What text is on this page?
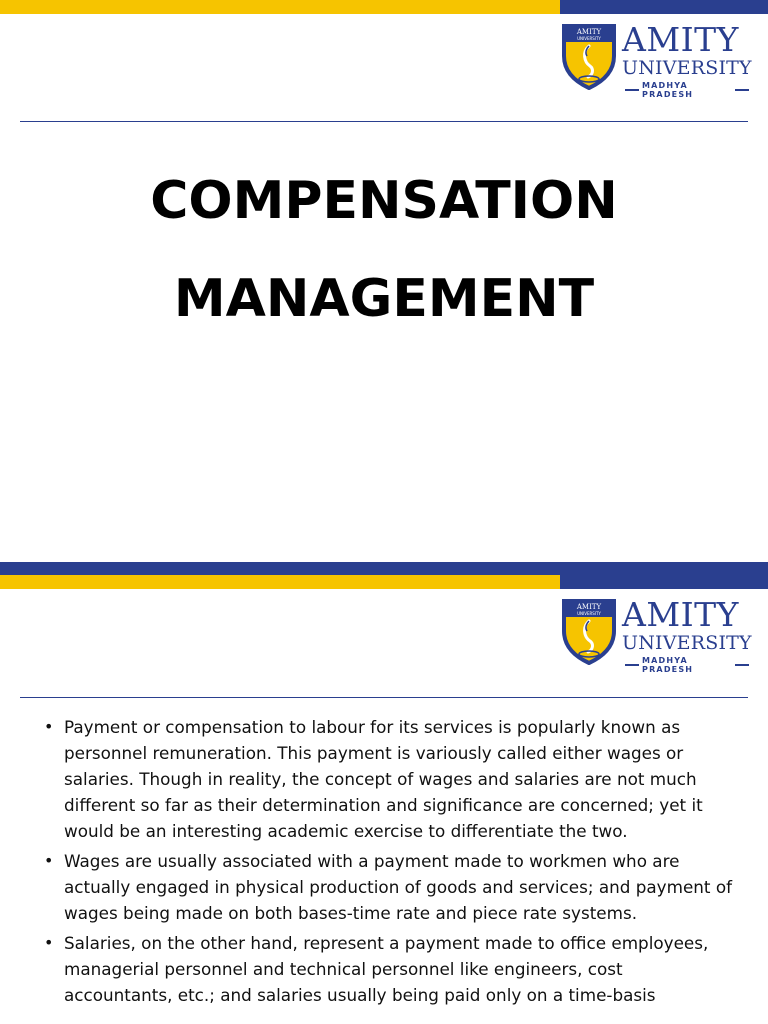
AMITY
UNIVERSITY AMITY
UNIVERSITY
MADHYA PRADESH
COMPENSATION
MANAGEMENT
AMITY
UNIVERSITY AMITY
UNIVERSITY
MADHYA PRADESH
• Payment or compensation to labour for its services is popularly known as personnel remuneration. This payment is variously called either wages or salaries. Though in reality, the concept of wages and salaries are not much different so far as their determination and significance are concerned; yet it would be an interesting academic exercise to differentiate the two.
• Wages are usually associated with a payment made to workmen who are actually engaged in physical production of goods and services; and payment of wages being made on both bases-time rate and piece rate systems.
• Salaries, on the other hand, represent a payment made to office employees, managerial personnel and technical personnel like engineers, cost accountants, etc.; and salaries usually being paid only on a time-basis
